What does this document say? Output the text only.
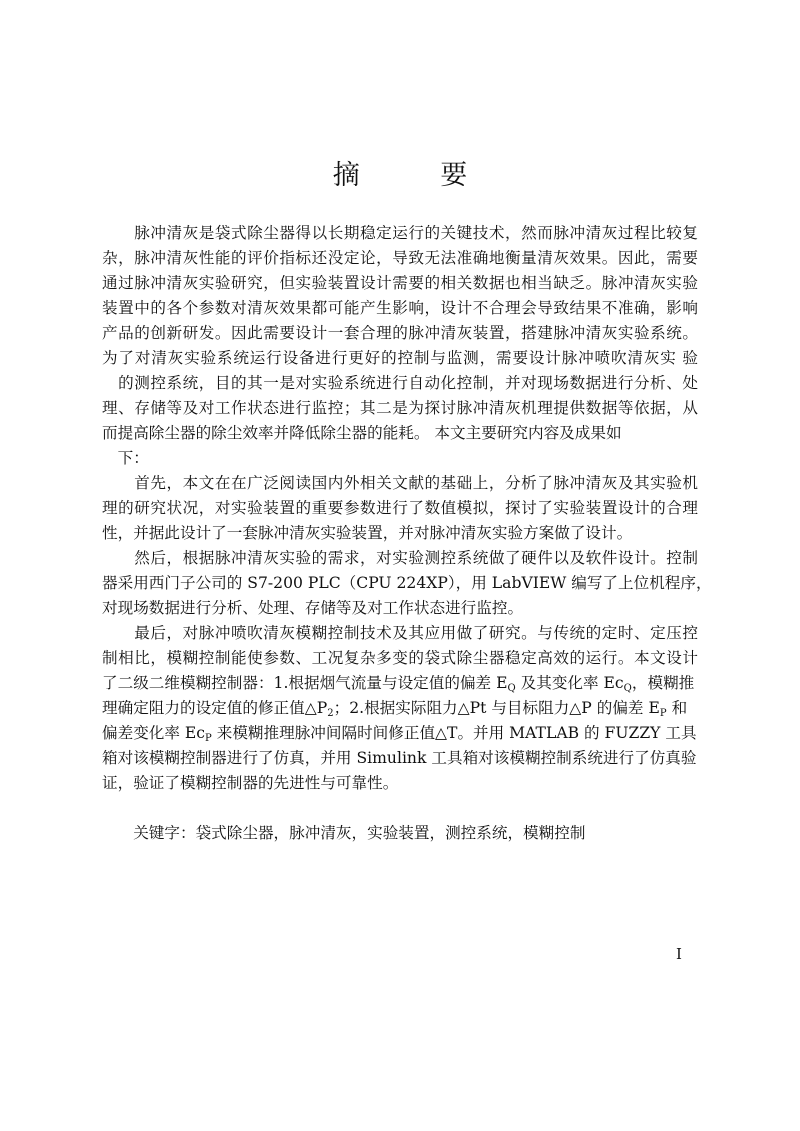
摘 要
　　脉冲清灰是袋式除尘器得以长期稳定运行的关键技术，然而脉冲清灰过程比较复
杂，脉冲清灰性能的评价指标还没定论，导致无法准确地衡量清灰效果。因此，需要
通过脉冲清灰实验研究，但实验装置设计需要的相关数据也相当缺乏。脉冲清灰实验
装置中的各个参数对清灰效果都可能产生影响，设计不合理会导致结果不准确，影响
产品的创新研发。因此需要设计一套合理的脉冲清灰装置，搭建脉冲清灰实验系统。
为了对清灰实验系统运行设备进行更好的控制与监测，需要设计脉冲喷吹清灰实 验
　的测控系统，目的其一是对实验系统进行自动化控制，并对现场数据进行分析、处
理、存储等及对工作状态进行监控；其二是为探讨脉冲清灰机理提供数据等依据，从
而提高除尘器的除尘效率并降低除尘器的能耗。 本文主要研究内容及成果如
　下：
　　首先，本文在在广泛阅读国内外相关文献的基础上，分析了脉冲清灰及其实验机
理的研究状况，对实验装置的重要参数进行了数值模拟，探讨了实验装置设计的合理
性，并据此设计了一套脉冲清灰实验装置，并对脉冲清灰实验方案做了设计。
　　然后，根据脉冲清灰实验的需求，对实验测控系统做了硬件以及软件设计。控制
器采用西门子公司的 S7-200 PLC（CPU 224XP），用 LabVIEW 编写了上位机程序，
对现场数据进行分析、处理、存储等及对工作状态进行监控。
　　最后，对脉冲喷吹清灰模糊控制技术及其应用做了研究。与传统的定时、定压控
制相比，模糊控制能使参数、工况复杂多变的袋式除尘器稳定高效的运行。本文设计
了二级二维模糊控制器：1.根据烟气流量与设定值的偏差 $E_Q$ 及其变化率 $Ec_Q$，模糊推
理确定阻力的设定值的修正值$\triangle P_2$；2.根据实际阻力△Pt 与目标阻力△P 的偏差 $E_P$ 和
偏差变化率 $Ec_P$ 来模糊推理脉冲间隔时间修正值△T。并用 MATLAB 的 FUZZY 工具
箱对该模糊控制器进行了仿真，并用 Simulink 工具箱对该模糊控制系统进行了仿真验
证，验证了模糊控制器的先进性与可靠性。
　　关键字：袋式除尘器，脉冲清灰，实验装置，测控系统，模糊控制
I
